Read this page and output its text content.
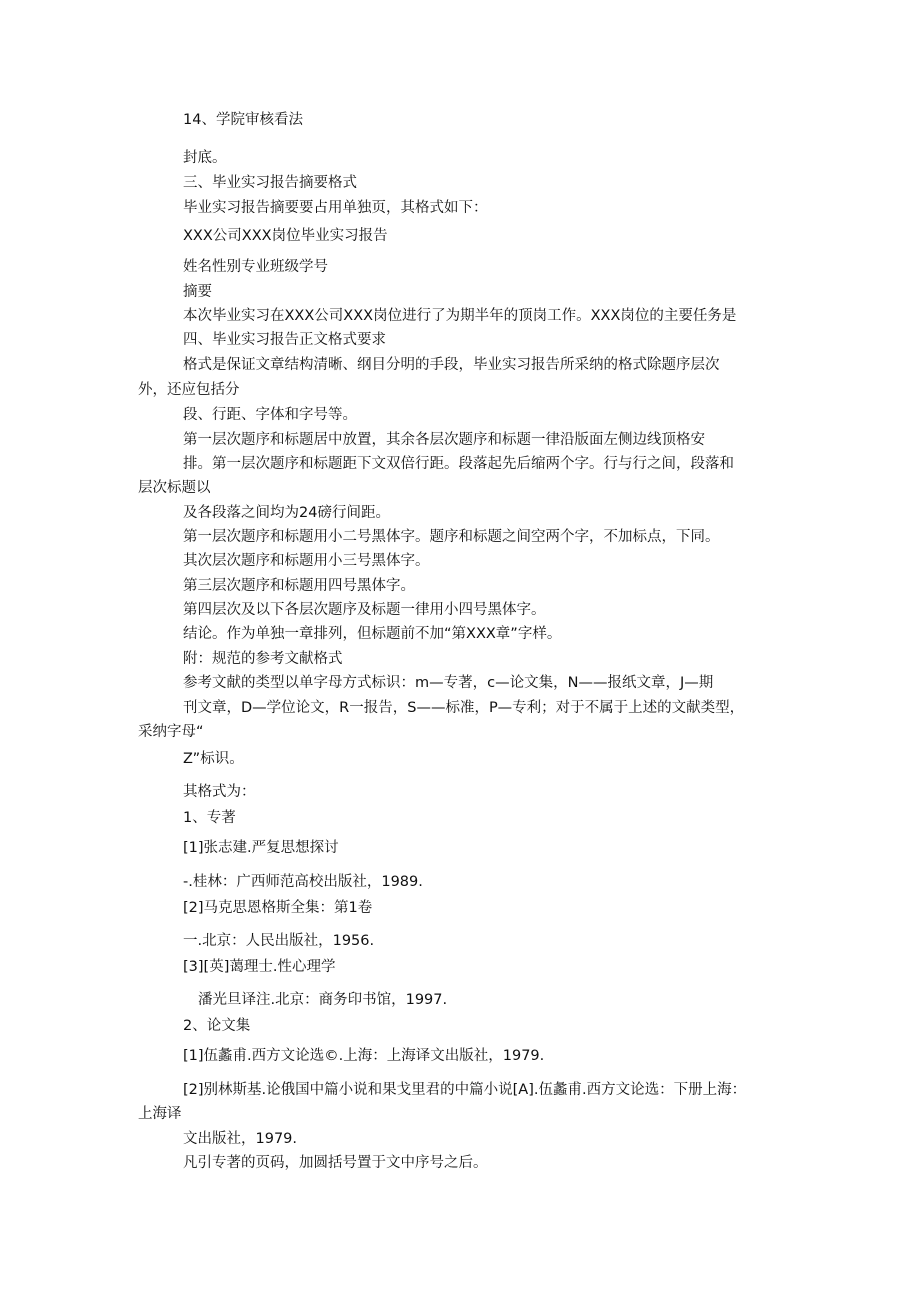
14、学院审核看法
封底。
三、毕业实习报告摘要格式
毕业实习报告摘要要占用单独页，其格式如下：
XXX公司XXX岗位毕业实习报告
姓名性别专业班级学号
摘要
本次毕业实习在XXX公司XXX岗位进行了为期半年的顶岗工作。XXX岗位的主要任务是
四、毕业实习报告正文格式要求
格式是保证文章结构清晰、纲目分明的手段，毕业实习报告所采纳的格式除题序层次
外，还应包括分
段、行距、字体和字号等。
第一层次题序和标题居中放置，其余各层次题序和标题一律沿版面左侧边线顶格安
排。第一层次题序和标题距下文双倍行距。段落起先后缩两个字。行与行之间，段落和
层次标题以
及各段落之间均为24磅行间距。
第一层次题序和标题用小二号黑体字。题序和标题之间空两个字，不加标点，下同。
其次层次题序和标题用小三号黑体字。
第三层次题序和标题用四号黑体字。
第四层次及以下各层次题序及标题一律用小四号黑体字。
结论。作为单独一章排列，但标题前不加“第XXX章”字样。
附：规范的参考文献格式
参考文献的类型以单字母方式标识：m—专著，c—论文集，N——报纸文章，J—期
刊文章，D—学位论文，R一报告，S——标准，P—专利；对于不属于上述的文献类型，
采纳字母“
Z”标识。
其格式为：
1、专著
[1]张志建.严复思想探讨
-.桂林：广西师范高校出版社，1989.
[2]马克思恩格斯全集：第1卷
一.北京：人民出版社，1956.
[3][英]蔼理士.性心理学
潘光旦译注.北京：商务印书馆，1997.
2、论文集
[1]伍蠡甫.西方文论选©.上海：上海译文出版社，1979.
[2]别林斯基.论俄国中篇小说和果戈里君的中篇小说[A].伍蠡甫.西方文论选：下册上海：
上海译
文出版社，1979.
凡引专著的页码，加圆括号置于文中序号之后。
